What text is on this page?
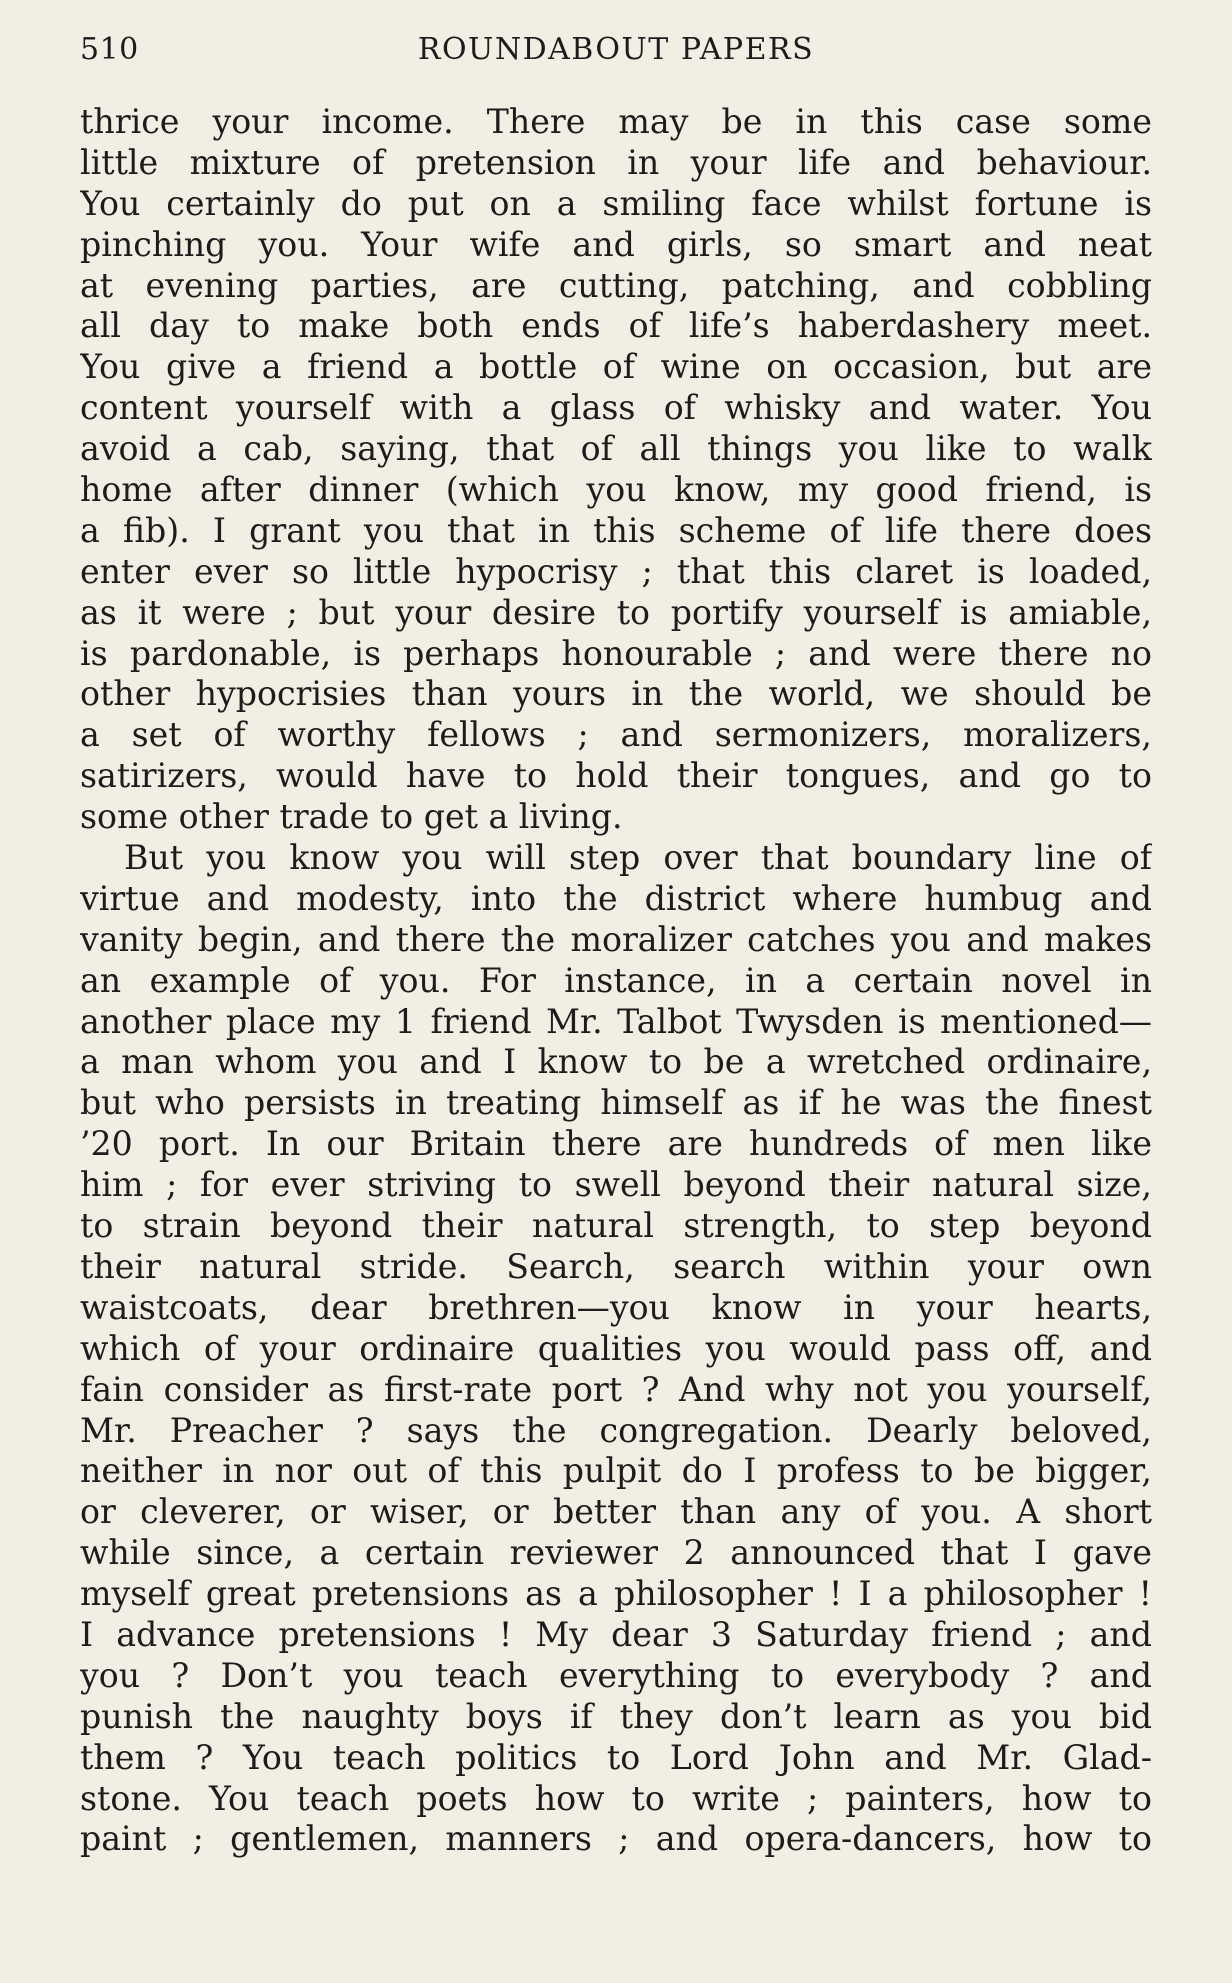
510	ROUNDABOUT PAPERS
thrice your income. There may be in this case some
little mixture of pretension in your life and behaviour.
You certainly do put on a smiling face whilst fortune is
pinching you. Your wife and girls, so smart and neat
at evening parties, are cutting, patching, and cobbling
all day to make both ends of life’s haberdashery meet.
You give a friend a bottle of wine on occasion, but are
content yourself with a glass of whisky and water. You
avoid a cab, saying, that of all things you like to walk
home after dinner (which you know, my good friend, is
a fib). I grant you that in this scheme of life there does
enter ever so little hypocrisy ; that this claret is loaded,
as it were ; but your desire to portify yourself is amiable,
is pardonable, is perhaps honourable ; and were there no
other hypocrisies than yours in the world, we should be
a set of worthy fellows ; and sermonizers, moralizers,
satirizers, would have to hold their tongues, and go to
some other trade to get a living.
But you know you will step over that boundary line of
virtue and modesty, into the district where humbug and
vanity begin, and there the moralizer catches you and makes
an example of you. For instance, in a certain novel in
another place my 1 friend Mr. Talbot Twysden is mentioned—
a man whom you and I know to be a wretched ordinaire,
but who persists in treating himself as if he was the finest
’20 port. In our Britain there are hundreds of men like
him ; for ever striving to swell beyond their natural size,
to strain beyond their natural strength, to step beyond
their natural stride. Search, search within your own
waistcoats, dear brethren—you know in your hearts,
which of your ordinaire qualities you would pass off, and
fain consider as first-rate port ? And why not you yourself,
Mr. Preacher ? says the congregation. Dearly beloved,
neither in nor out of this pulpit do I profess to be bigger,
or cleverer, or wiser, or better than any of you. A short
while since, a certain reviewer 2 announced that I gave
myself great pretensions as a philosopher ! I a philosopher !
I advance pretensions ! My dear 3 Saturday friend ; and
you ? Don’t you teach everything to everybody ? and
punish the naughty boys if they don’t learn as you bid
them ? You teach politics to Lord John and Mr. Glad-
stone. You teach poets how to write ; painters, how to
paint ; gentlemen, manners ; and opera-dancers, how to
